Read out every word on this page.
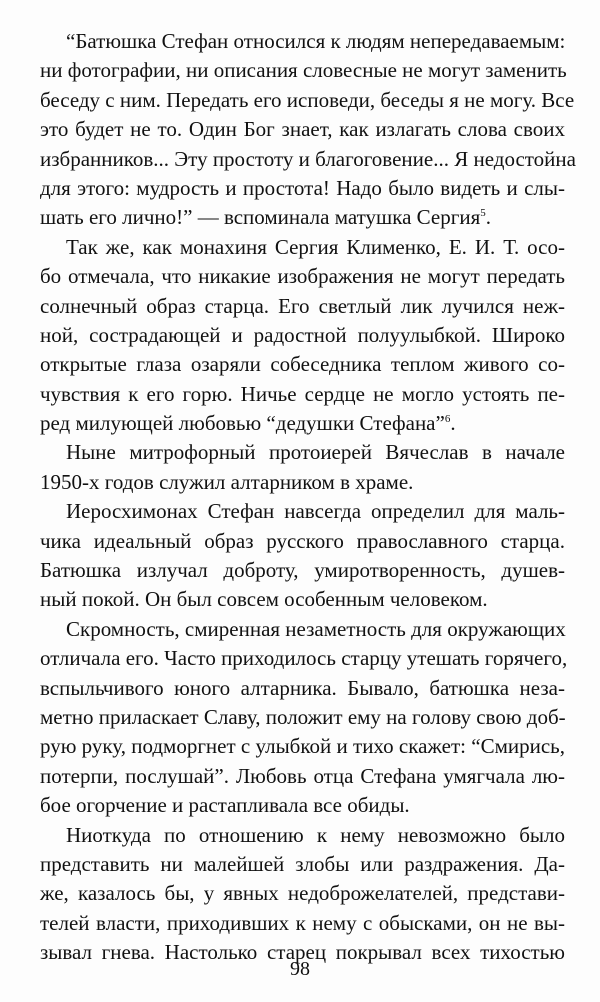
“Батюшка Стефан относился к людям непередаваемым:
ни фотографии, ни описания словесные не могут заменить
беседу с ним. Передать его исповеди, беседы я не могу. Все
это будет не то. Один Бог знает, как излагать слова своих
избранников... Эту простоту и благоговение... Я недостойна
для этого: мудрость и простота! Надо было видеть и слы-
шать его лично!” — вспоминала матушка Сергия$^5$.
Так же, как монахиня Сергия Клименко, Е. И. Т. осо-
бо отмечала, что никакие изображения не могут передать
солнечный образ старца. Его светлый лик лучился неж-
ной, сострадающей и радостной полуулыбкой. Широко
открытые глаза озаряли собеседника теплом живого со-
чувствия к его горю. Ничье сердце не могло устоять пе-
ред милующей любовью “дедушки Стефана”$^6$.
Ныне митрофорный протоиерей Вячеслав в начале
1950-х годов служил алтарником в храме.
Иеросхимонах Стефан навсегда определил для маль-
чика идеальный образ русского православного старца.
Батюшка излучал доброту, умиротворенность, душев-
ный покой. Он был совсем особенным человеком.
Скромность, смиренная незаметность для окружающих
отличала его. Часто приходилось старцу утешать горячего,
вспыльчивого юного алтарника. Бывало, батюшка неза-
метно приласкает Славу, положит ему на голову свою доб-
рую руку, подморгнет с улыбкой и тихо скажет: “Смирись,
потерпи, послушай”. Любовь отца Стефана умягчала лю-
бое огорчение и растапливала все обиды.
Ниоткуда по отношению к нему невозможно было
представить ни малейшей злобы или раздражения. Да-
же, казалось бы, у явных недоброжелателей, представи-
телей власти, приходивших к нему с обысками, он не вы-
зывал гнева. Настолько старец покрывал всех тихостью
98
